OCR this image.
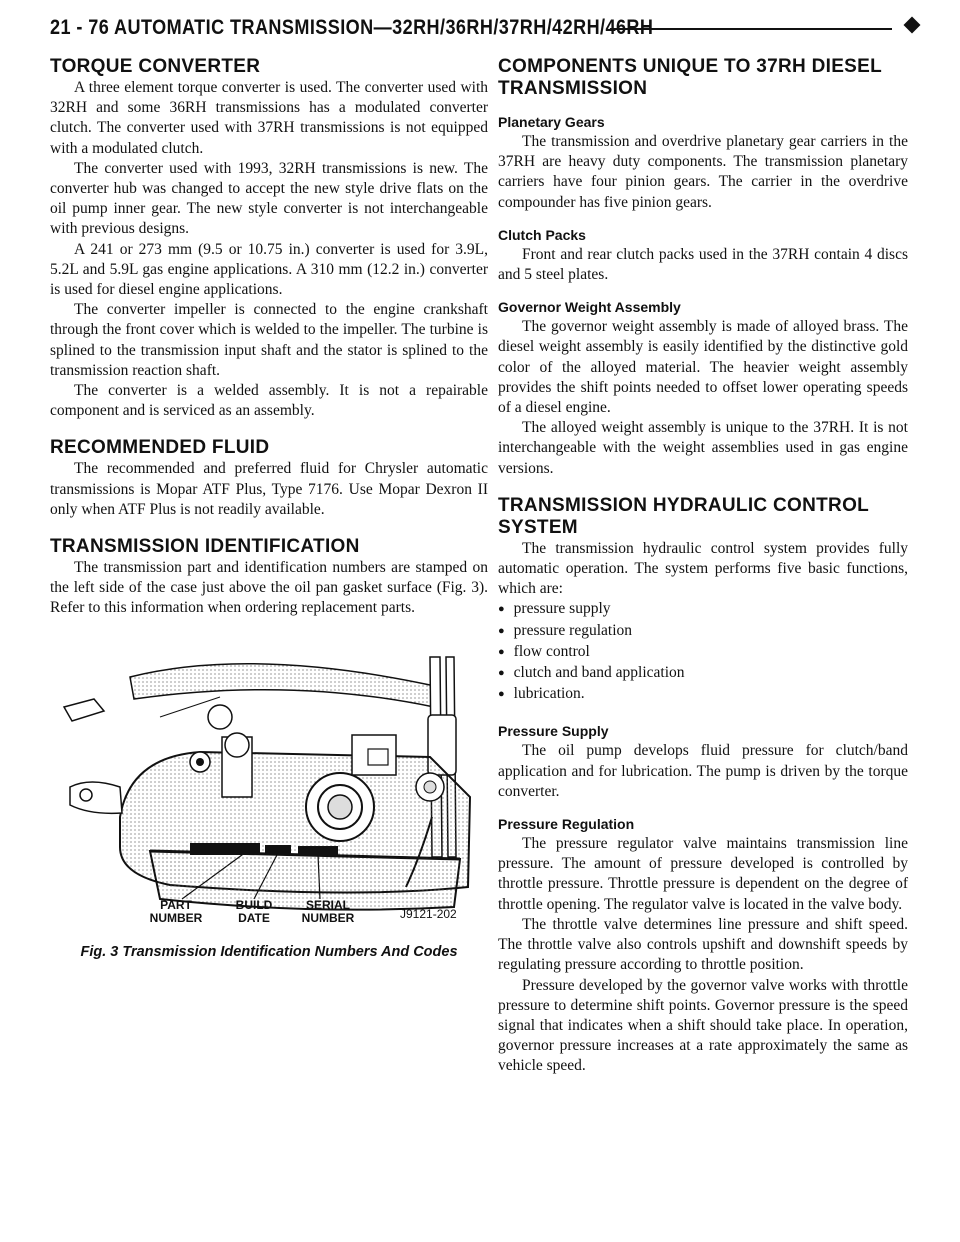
21 - 76 AUTOMATIC TRANSMISSION—32RH/36RH/37RH/42RH/46RH
TORQUE CONVERTER

A three element torque converter is used. The converter used with 32RH and some 36RH transmissions has a modulated converter clutch. The converter used with 37RH transmissions is not equipped with a modulated clutch.

The converter used with 1993, 32RH transmissions is new. The converter hub was changed to accept the new style drive flats on the oil pump inner gear. The new style converter is not interchangeable with previous designs.

A 241 or 273 mm (9.5 or 10.75 in.) converter is used for 3.9L, 5.2L and 5.9L gas engine applications. A 310 mm (12.2 in.) converter is used for diesel engine applications.

The converter impeller is connected to the engine crankshaft through the front cover which is welded to the impeller. The turbine is splined to the transmission input shaft and the stator is splined to the transmission reaction shaft.

The converter is a welded assembly. It is not a repairable component and is serviced as an assembly.

RECOMMENDED FLUID

The recommended and preferred fluid for Chrysler automatic transmissions is Mopar ATF Plus, Type 7176. Use Mopar Dexron II only when ATF Plus is not readily available.

TRANSMISSION IDENTIFICATION

The transmission part and identification numbers are stamped on the left side of the case just above the oil pan gasket surface (Fig. 3). Refer to this information when ordering replacement parts.

PART NUMBER
BUILD DATE
SERIAL NUMBER	J9121-202
Fig. 3 Transmission Identification Numbers And Codes
COMPONENTS UNIQUE TO 37RH DIESEL TRANSMISSION
Planetary Gears

The transmission and overdrive planetary gear carriers in the 37RH are heavy duty components. The transmission planetary carriers have four pinion gears. The carrier in the overdrive compounder has five pinion gears.

Clutch Packs

Front and rear clutch packs used in the 37RH contain 4 discs and 5 steel plates.

Governor Weight Assembly

The governor weight assembly is made of alloyed brass. The diesel weight assembly is easily identified by the distinctive gold color of the alloyed material. The heavier weight assembly provides the shift points needed to offset lower operating speeds of a diesel engine.

The alloyed weight assembly is unique to the 37RH. It is not interchangeable with the weight assemblies used in gas engine versions.

TRANSMISSION HYDRAULIC CONTROL SYSTEM

The transmission hydraulic control system provides fully automatic operation. The system performs five basic functions, which are:

● pressure supply
● pressure regulation
● flow control
● clutch and band application
● lubrication.
Pressure Supply

The oil pump develops fluid pressure for clutch/band application and for lubrication. The pump is driven by the torque converter.

Pressure Regulation

The pressure regulator valve maintains transmission line pressure. The amount of pressure developed is controlled by throttle pressure. Throttle pressure is dependent on the degree of throttle opening. The regulator valve is located in the valve body.

The throttle valve determines line pressure and shift speed. The throttle valve also controls upshift and downshift speeds by regulating pressure according to throttle position.

Pressure developed by the governor valve works with throttle pressure to determine shift points. Governor pressure is the speed signal that indicates when a shift should take place. In operation, governor pressure increases at a rate approximately the same as vehicle speed.
